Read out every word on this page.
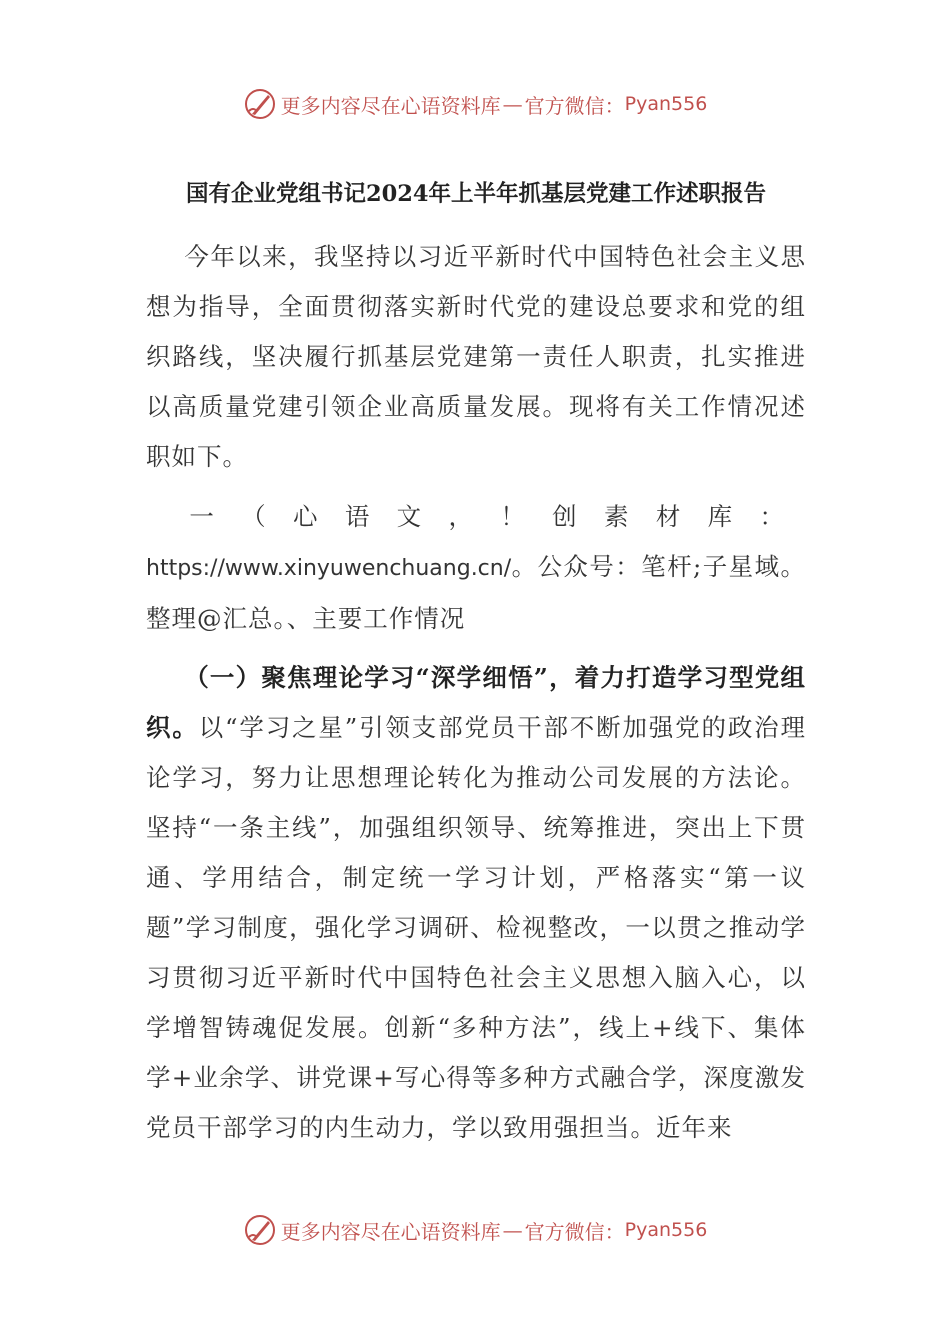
更多内容尽在心语资料库 — 官方微信： Pyan556
国有企业党组书记2024年上半年抓基层党建工作述职报告
今年以来，我坚持以习近平新时代中国特色社会主义思想为指导，全面贯彻落实新时代党的建设总要求和党的组织路线，坚决履行抓基层党建第一责任人职责，扎实推进以高质量党建引领企业高质量发展。现将有关工作情况述职如下。
一（心语文，！创素材库：https://www.xinyuwenchuang.cn/。公众号：笔杆;子星域。整理@汇总。、主要工作情况
（一）聚焦理论学习“深学细悟”，着力打造学习型党组织。以“学习之星”引领支部党员干部不断加强党的政治理论学习，努力让思想理论转化为推动公司发展的方法论。坚持“一条主线”，加强组织领导、统筹推进，突出上下贯通、学用结合，制定统一学习计划，严格落实“第一议题”学习制度，强化学习调研、检视整改，一以贯之推动学习贯彻习近平新时代中国特色社会主义思想入脑入心，以学增智铸魂促发展。创新“多种方法”，线上+线下、集体学+业余学、讲党课+写心得等多种方式融合学，深度激发党员干部学习的内生动力，学以致用强担当。近年来
更多内容尽在心语资料库 — 官方微信： Pyan556
